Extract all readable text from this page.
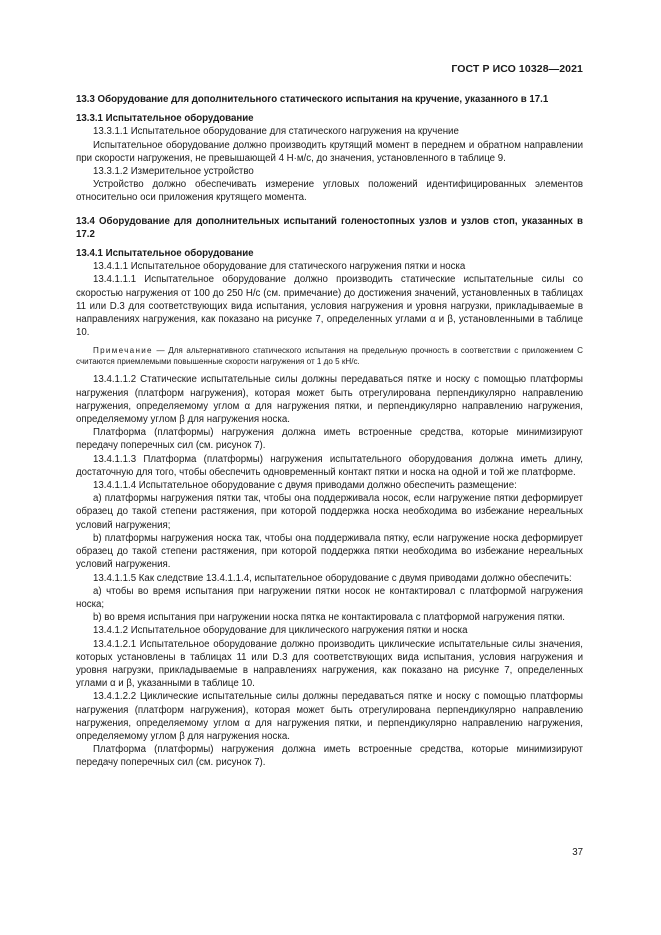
ГОСТ Р ИСО 10328—2021

13.3 Оборудование для дополнительного статического испытания на кручение, указанного в 17.1

13.3.1 Испытательное оборудование

13.3.1.1 Испытательное оборудование для статического нагружения на кручение

Испытательное оборудование должно производить крутящий момент в переднем и обратном направлении при скорости нагружения, не превышающей 4 Н·м/с, до значения, установленного в таблице 9.

13.3.1.2 Измерительное устройство

Устройство должно обеспечивать измерение угловых положений идентифицированных элементов относительно оси приложения крутящего момента.

13.4 Оборудование для дополнительных испытаний голеностопных узлов и узлов стоп, указанных в 17.2

13.4.1 Испытательное оборудование

13.4.1.1 Испытательное оборудование для статического нагружения пятки и носка

13.4.1.1.1 Испытательное оборудование должно производить статические испытательные силы со скоростью нагружения от 100 до 250 Н/с (см. примечание) до достижения значений, установленных в таблицах 11 или D.3 для соответствующих вида испытания, условия нагружения и уровня нагрузки, прикладываемые в направлениях нагружения, как показано на рисунке 7, определенных углами α и β, установленными в таблице 10.

Примечание — Для альтернативного статического испытания на предельную прочность в соответствии с приложением С считаются приемлемыми повышенные скорости нагружения от 1 до 5 кН/с.

13.4.1.1.2 Статические испытательные силы должны передаваться пятке и носку с помощью платформы нагружения (платформ нагружения), которая может быть отрегулирована перпендикулярно направлению нагружения, определяемому углом α для нагружения пятки, и перпендикулярно направлению нагружения, определяемому углом β для нагружения носка.

Платформа (платформы) нагружения должна иметь встроенные средства, которые минимизируют передачу поперечных сил (см. рисунок 7).

13.4.1.1.3 Платформа (платформы) нагружения испытательного оборудования должна иметь длину, достаточную для того, чтобы обеспечить одновременный контакт пятки и носка на одной и той же платформе.

13.4.1.1.4 Испытательное оборудование с двумя приводами должно обеспечить размещение:

a) платформы нагружения пятки так, чтобы она поддерживала носок, если нагружение пятки деформирует образец до такой степени растяжения, при которой поддержка носка необходима во избежание нереальных условий нагружения;

b) платформы нагружения носка так, чтобы она поддерживала пятку, если нагружение носка деформирует образец до такой степени растяжения, при которой поддержка пятки необходима во избежание нереальных условий нагружения.

13.4.1.1.5 Как следствие 13.4.1.1.4, испытательное оборудование с двумя приводами должно обеспечить:

a) чтобы во время испытания при нагружении пятки носок не контактировал с платформой нагружения носка;

b) во время испытания при нагружении носка пятка не контактировала с платформой нагружения пятки.

13.4.1.2 Испытательное оборудование для циклического нагружения пятки и носка

13.4.1.2.1 Испытательное оборудование должно производить циклические испытательные силы значения, которых установлены в таблицах 11 или D.3 для соответствующих вида испытания, условия нагружения и уровня нагрузки, прикладываемые в направлениях нагружения, как показано на рисунке 7, определенных углами α и β, указанными в таблице 10.

13.4.1.2.2 Циклические испытательные силы должны передаваться пятке и носку с помощью платформы нагружения (платформ нагружения), которая может быть отрегулирована перпендикулярно направлению нагружения, определяемому углом α для нагружения пятки, и перпендикулярно направлению нагружения, определяемому углом β для нагружения носка.

Платформа (платформы) нагружения должна иметь встроенные средства, которые минимизируют передачу поперечных сил (см. рисунок 7).

37
